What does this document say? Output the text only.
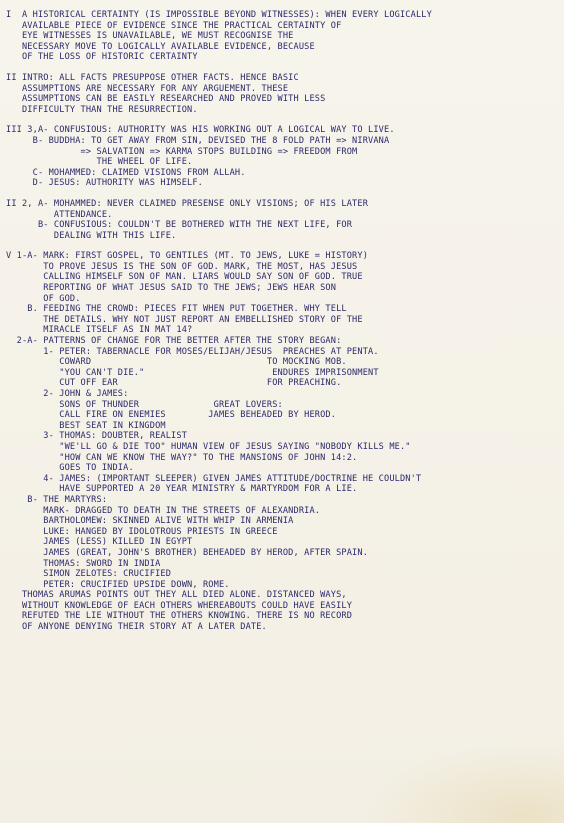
I  A HISTORICAL CERTAINTY (IS IMPOSSIBLE BEYOND WITNESSES): WHEN EVERY LOGICALLY
AVAILABLE PIECE OF EVIDENCE SINCE THE PRACTICAL CERTAINTY OF
EYE WITNESSES IS UNAVAILABLE, WE MUST RECOGNISE THE
NECESSARY MOVE TO LOGICALLY AVAILABLE EVIDENCE, BECAUSE
OF THE LOSS OF HISTORIC CERTAINTY
II INTRO: ALL FACTS PRESUPPOSE OTHER FACTS. HENCE BASIC
ASSUMPTIONS ARE NECESSARY FOR ANY ARGUEMENT. THESE
ASSUMPTIONS CAN BE EASILY RESEARCHED AND PROVED WITH LESS
DIFFICULTY THAN THE RESURRECTION.
III 3,A- CONFUSIOUS: AUTHORITY WAS HIS WORKING OUT A LOGICAL WAY TO LIVE.
B- BUDDHA: TO GET AWAY FROM SIN, DEVISED THE 8 FOLD PATH => NIRVANA
=> SALVATION => KARMA STOPS BUILDING => FREEDOM FROM
THE WHEEL OF LIFE.
C- MOHAMMED: CLAIMED VISIONS FROM ALLAH.
D- JESUS: AUTHORITY WAS HIMSELF.
II 2, A- MOHAMMED: NEVER CLAIMED PRESENSE ONLY VISIONS; OF HIS LATER
ATTENDANCE.
B- CONFUSIOUS: COULDN'T BE BOTHERED WITH THE NEXT LIFE, FOR
DEALING WITH THIS LIFE.
V 1-A- MARK: FIRST GOSPEL, TO GENTILES (MT. TO JEWS, LUKE = HISTORY)
TO PROVE JESUS IS THE SON OF GOD. MARK, THE MOST, HAS JESUS
CALLING HIMSELF SON OF MAN. LIARS WOULD SAY SON OF GOD. TRUE
REPORTING OF WHAT JESUS SAID TO THE JEWS; JEWS HEAR SON
OF GOD.
B. FEEDING THE CROWD: PIECES FIT WHEN PUT TOGETHER. WHY TELL
THE DETAILS. WHY NOT JUST REPORT AN EMBELLISHED STORY OF THE
MIRACLE ITSELF AS IN MAT 14?
2-A- PATTERNS OF CHANGE FOR THE BETTER AFTER THE STORY BEGAN:
1- PETER: TABERNACLE FOR MOSES/ELIJAH/JESUS  PREACHES AT PENTA.
COWARD                                 TO MOCKING MOB.
"YOU CAN'T DIE."                        ENDURES IMPRISONMENT
CUT OFF EAR                            FOR PREACHING.
2- JOHN & JAMES:
SONS OF THUNDER              GREAT LOVERS:
CALL FIRE ON ENEMIES        JAMES BEHEADED BY HEROD.
BEST SEAT IN KINGDOM
3- THOMAS: DOUBTER, REALIST
"WE'LL GO & DIE TOO" HUMAN VIEW OF JESUS SAYING "NOBODY KILLS ME."
"HOW CAN WE KNOW THE WAY?" TO THE MANSIONS OF JOHN 14:2.
GOES TO INDIA.
4- JAMES: (IMPORTANT SLEEPER) GIVEN JAMES ATTITUDE/DOCTRINE HE COULDN'T
HAVE SUPPORTED A 20 YEAR MINISTRY & MARTYRDOM FOR A LIE.
B- THE MARTYRS:
MARK- DRAGGED TO DEATH IN THE STREETS OF ALEXANDRIA.
BARTHOLOMEW: SKINNED ALIVE WITH WHIP IN ARMENIA
LUKE: HANGED BY IDOLOTROUS PRIESTS IN GREECE
JAMES (LESS) KILLED IN EGYPT
JAMES (GREAT, JOHN'S BROTHER) BEHEADED BY HEROD, AFTER SPAIN.
THOMAS: SWORD IN INDIA
SIMON ZELOTES: CRUCIFIED
PETER: CRUCIFIED UPSIDE DOWN, ROME.
THOMAS ARUMAS POINTS OUT THEY ALL DIED ALONE. DISTANCED WAYS,
WITHOUT KNOWLEDGE OF EACH OTHERS WHEREABOUTS COULD HAVE EASILY
REFUTED THE LIE WITHOUT THE OTHERS KNOWING. THERE IS NO RECORD
OF ANYONE DENYING THEIR STORY AT A LATER DATE.
